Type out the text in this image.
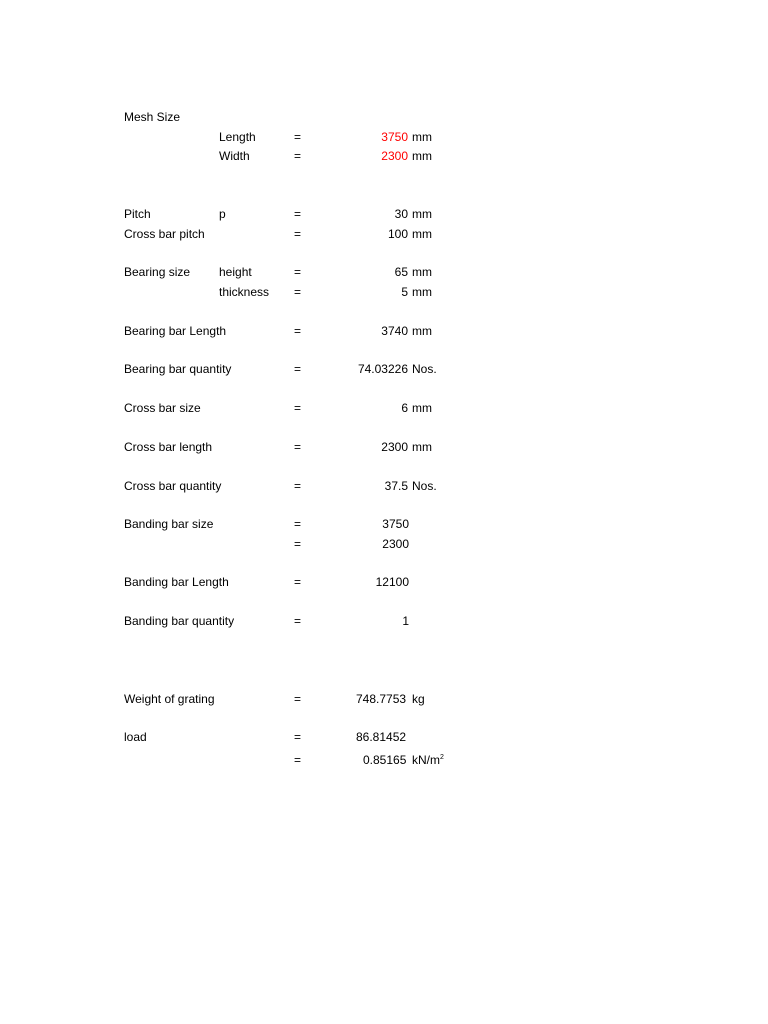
Mesh Size
Length	=	3750 mm
Width	=	2300 mm
Pitch	p	=	30 mm
Cross bar pitch	=	100 mm
Bearing size height	=	65 mm
thickness =	5 mm
Bearing bar Length	=	3740 mm
Bearing bar quantity	=	74.03226 Nos.
Cross bar size	=	6 mm
Cross bar length	=	2300 mm
Cross bar quantity	=	37.5 Nos.
Banding bar size	=	3750
=	2300
Banding bar Length	=	12100
Banding bar quantity	=	1
Weight of grating	=	748.7753 kg
load	=	86.81452
=	0.85165 $kN/m^2$
